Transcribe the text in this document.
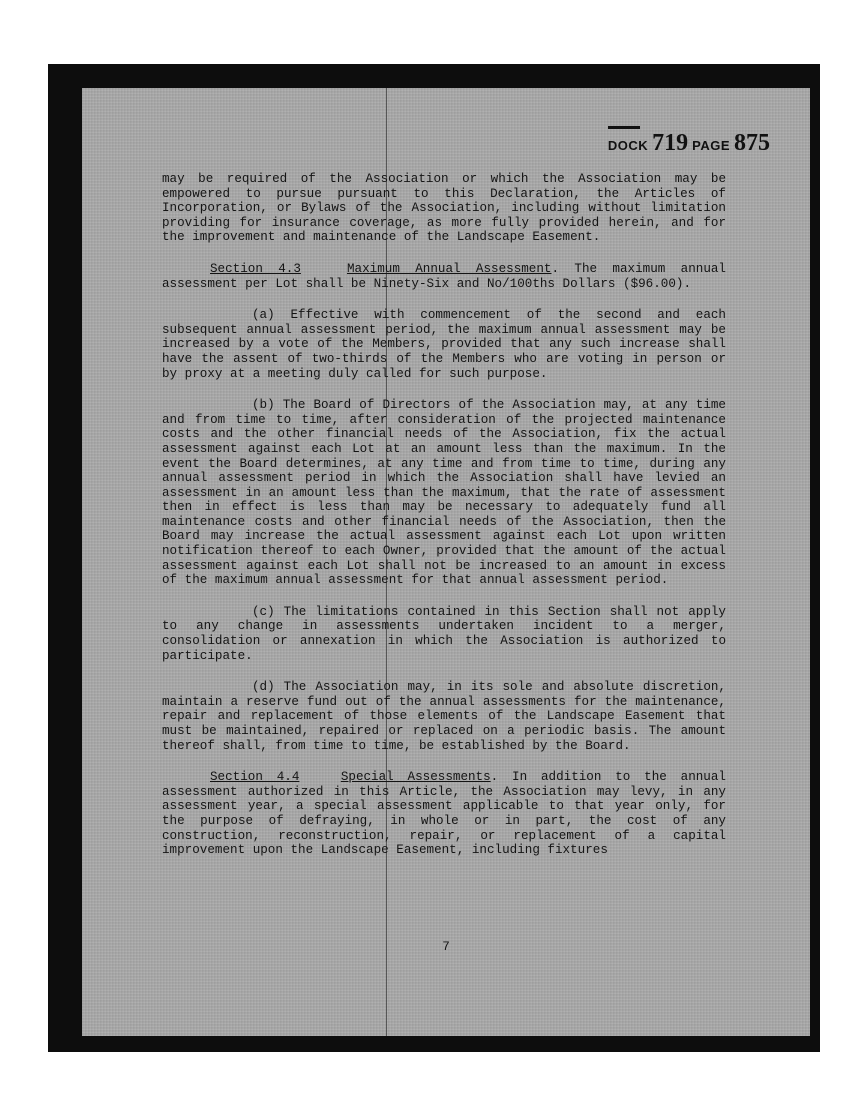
DOCK 719 PAGE 875

may be required of the Association or which the Association may be empowered to pursue pursuant to this Declaration, the Articles of Incorporation, or Bylaws of the Association, including without limitation providing for insurance coverage, as more fully provided herein, and for the improvement and maintenance of the Landscape Easement.

Section 4.3	Maximum Annual Assessment. The maximum annual assessment per Lot shall be Ninety-Six and No/100ths Dollars ($96.00).

(a) Effective with commencement of the second and each subsequent annual assessment period, the maximum annual assessment may be increased by a vote of the Members, provided that any such increase shall have the assent of two-thirds of the Members who are voting in person or by proxy at a meeting duly called for such purpose.

(b) The Board of Directors of the Association may, at any time and from time to time, after consideration of the projected maintenance costs and the other financial needs of the Association, fix the actual assessment against each Lot at an amount less than the maximum. In the event the Board determines, at any time and from time to time, during any annual assessment period in which the Association shall have levied an assessment in an amount less than the maximum, that the rate of assessment then in effect is less than may be necessary to adequately fund all maintenance costs and other financial needs of the Association, then the Board may increase the actual assessment against each Lot upon written notification thereof to each Owner, provided that the amount of the actual assessment against each Lot shall not be increased to an amount in excess of the maximum annual assessment for that annual assessment period.

(c) The limitations contained in this Section shall not apply to any change in assessments undertaken incident to a merger, consolidation or annexation in which the Association is authorized to participate.

(d) The Association may, in its sole and absolute discretion, maintain a reserve fund out of the annual assessments for the maintenance, repair and replacement of those elements of the Landscape Easement that must be maintained, repaired or replaced on a periodic basis. The amount thereof shall, from time to time, be established by the Board.

Section 4.4	Special Assessments. In addition to the annual assessment authorized in this Article, the Association may levy, in any assessment year, a special assessment applicable to that year only, for the purpose of defraying, in whole or in part, the cost of any construction, reconstruction, repair, or replacement of a capital improvement upon the Landscape Easement, including fixtures

7
